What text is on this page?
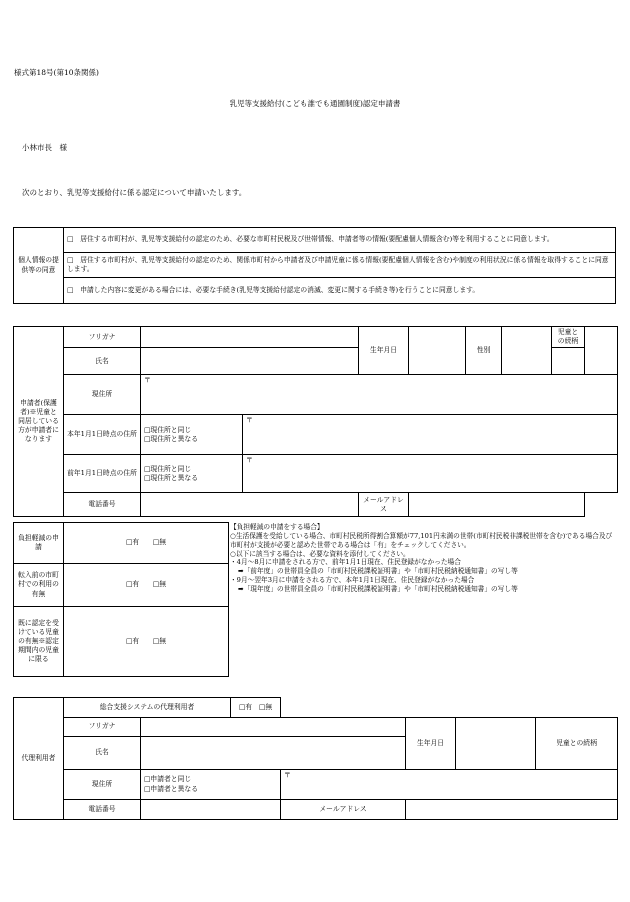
様式第18号(第10条関係)
乳児等支援給付(こども誰でも通園制度)認定申請書
小林市長　様
次のとおり、乳児等支援給付に係る認定について申請いたします。
個人情報の提供等の同意	□　居住する市町村が、乳児等支援給付の認定のため、必要な市町村民税及び世帯情報、申請者等の情報(要配慮個人情報含む)等を利用することに同意します。
□　居住する市町村が、乳児等支援給付の認定のため、関係市町村から申請者及び申請児童に係る情報(要配慮個人情報を含む)や制度の利用状況に係る情報を取得することに同意します。
□　申請した内容に変更がある場合には、必要な手続き(乳児等支援給付認定の消滅、変更に関する手続き等)を行うことに同意します。
申請者(保護者)※児童と同居している方が申請者になります	フリガナ			生年月日		性別		児童との続柄	
	氏名								
	現住所	〒							
	本年1月1日時点の住所	□現住所と同じ
□現住所と異なる	〒						
	前年1月1日時点の住所	□現住所と同じ
□現住所と異なる	〒						
	電話番号			メールアドレス					
負担軽減の申請	□有　　□無
転入前の市町村での利用の有無	□有　　□無
既に認定を受けている児童の有無※認定期間内の児童に限る	□有　　□無

【負担軽減の申請をする場合】

○生活保護を受給している場合、市町村民税所得割合算額が77,101円未満の世帯(市町村民税非課税世帯を含む)である場合及び市町村が支援が必要と認めた世帯である場合は「有」をチェックしてください。

○以下に該当する場合は、必要な資料を添付してください。

・4月～8月に申請をされる方で、前年1月1日現在、住民登録がなかった場合

➡「前年度」の世帯員全員の「市町村民税課税証明書」や「市町村民税納税通知書」の写し等

・9月～翌年3月に申請をされる方で、本年1月1日現在、住民登録がなかった場合

➡「現年度」の世帯員全員の「市町村民税課税証明書」や「市町村民税納税通知書」の写し等

代理利用者	総合支援システムの代理利用者		□有　□無					
	フリガナ				生年月日		児童との続柄	
	氏名							
	現住所	□申請者と同じ
□申請者と異なる		〒				
	電話番号			メールアドレス				
